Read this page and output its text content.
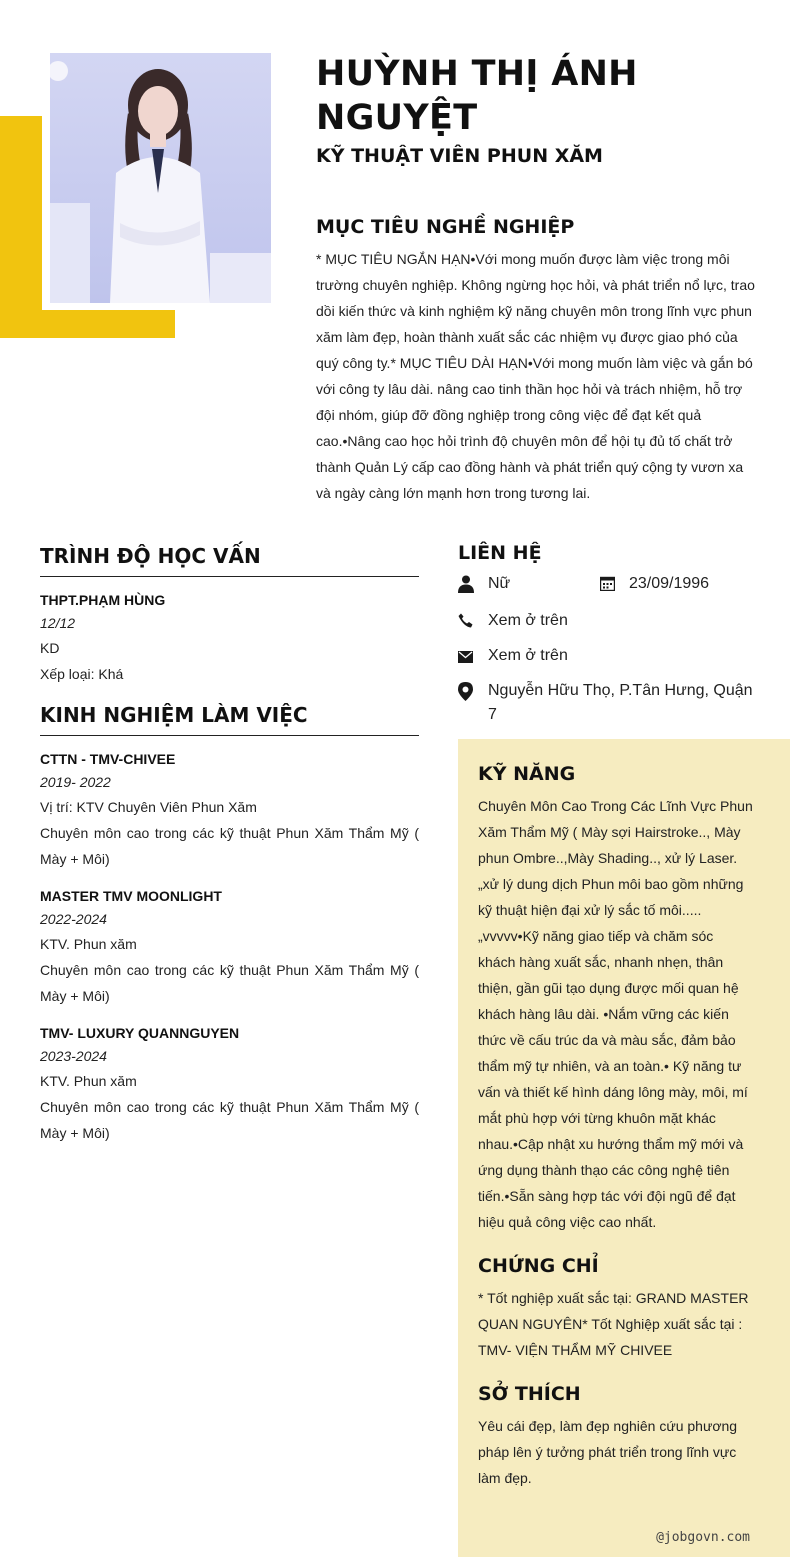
HUỲNH THỊ ÁNH NGUYỆT
KỸ THUẬT VIÊN PHUN XĂM
MỤC TIÊU NGHỀ NGHIỆP
* MỤC TIÊU NGẮN HẠN•Với mong muốn được làm việc trong môi trường chuyên nghiệp. Không ngừng học hỏi, và phát triển nổ lực, trao dồi kiến thức và kinh nghiệm kỹ năng chuyên môn trong lĩnh vực phun xăm làm đẹp, hoàn thành xuất sắc các nhiệm vụ được giao phó của quý công ty.* MỤC TIÊU DÀI HẠN•Với mong muốn làm việc và gắn bó với công ty lâu dài. nâng cao tinh thần học hỏi và trách nhiệm, hỗ trợ đội nhóm, giúp đỡ đồng nghiệp trong công việc để đạt kết quả cao.•Nâng cao học hỏi trình độ chuyên môn để hội tụ đủ tố chất trở thành Quản Lý cấp cao đồng hành và phát triển quý cộng ty vươn xa và ngày càng lớn mạnh hơn trong tương lai.
TRÌNH ĐỘ HỌC VẤN
THPT.PHẠM HÙNG
12/12
KD
Xếp loại: Khá
KINH NGHIỆM LÀM VIỆC
CTTN - TMV-CHIVEE
2019- 2022
Vị trí: KTV Chuyên Viên Phun Xăm
Chuyên môn cao trong các kỹ thuật Phun Xăm Thẩm Mỹ ( Mày + Môi)
MASTER TMV MOONLIGHT
2022-2024
KTV. Phun xăm
Chuyên môn cao trong các kỹ thuật Phun Xăm Thẩm Mỹ ( Mày + Môi)
TMV- LUXURY QUANNGUYEN
2023-2024
KTV. Phun xăm
Chuyên môn cao trong các kỹ thuật Phun Xăm Thẩm Mỹ ( Mày + Môi)
LIÊN HỆ
Nữ	23/09/1996
Xem ở trên
Xem ở trên
Nguyễn Hữu Thọ, P.Tân Hưng, Quận 7
KỸ NĂNG
Chuyên Môn Cao Trong Các Lĩnh Vực Phun Xăm Thẩm Mỹ ( Mày sợi Hairstroke.., Mày phun Ombre..,Mày Shading.., xử lý Laser.„xử lý dung dịch Phun môi bao gồm những kỹ thuật hiện đại xử lý sắc tố môi.....„vvvvv•Kỹ năng giao tiếp và chăm sóc khách hàng xuất sắc, nhanh nhẹn, thân thiện, gần gũi tạo dụng được mối quan hệ khách hàng lâu dài. •Nắm vững các kiến thức về cấu trúc da và màu sắc, đảm bảo thẩm mỹ tự nhiên, và an toàn.• Kỹ năng tư vấn và thiết kế hình dáng lông mày, môi, mí mắt phù hợp với từng khuôn mặt khác nhau.•Cập nhật xu hướng thẩm mỹ mới và ứng dụng thành thạo các công nghệ tiên tiến.•Sẵn sàng hợp tác với đội ngũ để đạt hiệu quả công việc cao nhất.
CHỨNG CHỈ
* Tốt nghiệp xuất sắc tại: GRAND MASTER QUAN NGUYÊN* Tốt Nghiệp xuất sắc tại : TMV- VIỆN THẨM MỸ CHIVEE
SỞ THÍCH
Yêu cái đẹp, làm đẹp nghiên cứu phương pháp lên ý tưởng phát triển trong lĩnh vực làm đẹp.
@jobgovn.com
